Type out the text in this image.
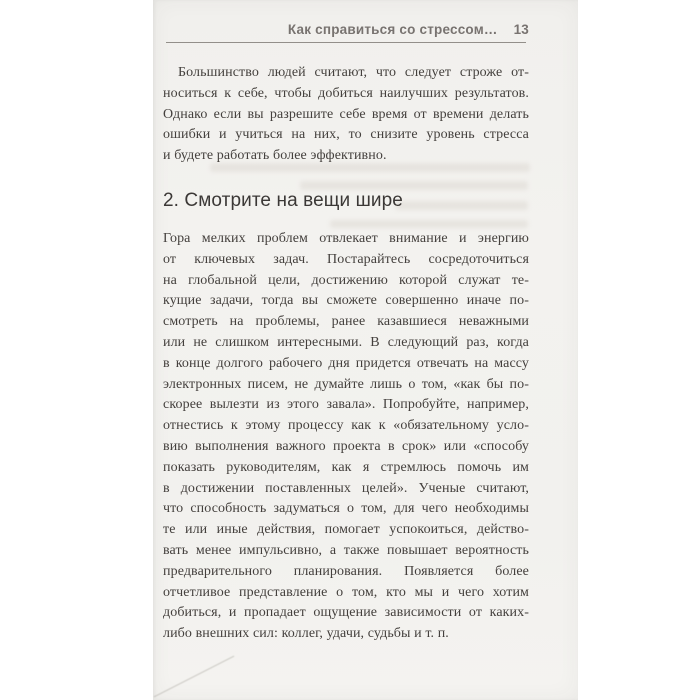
Как справиться со стрессом… 13
Большинство людей считают, что следует строже от-
носиться к себе, чтобы добиться наилучших результатов.
Однако если вы разрешите себе время от времени делать
ошибки и учиться на них, то снизите уровень стресса
и будете работать более эффективно.
2. Смотрите на вещи шире
Гора мелких проблем отвлекает внимание и энергию
от ключевых задач. Постарайтесь сосредоточиться
на глобальной цели, достижению которой служат те-
кущие задачи, тогда вы сможете совершенно иначе по-
смотреть на проблемы, ранее казавшиеся неважными
или не слишком интересными. В следующий раз, когда
в конце долгого рабочего дня придется отвечать на массу
электронных писем, не думайте лишь о том, «как бы по-
скорее вылезти из этого завала». Попробуйте, например,
отнестись к этому процессу как к «обязательному усло-
вию выполнения важного проекта в срок» или «способу
показать руководителям, как я стремлюсь помочь им
в достижении поставленных целей». Ученые считают,
что способность задуматься о том, для чего необходимы
те или иные действия, помогает успокоиться, действо-
вать менее импульсивно, а также повышает вероятность
предварительного планирования. Появляется более
отчетливое представление о том, кто мы и чего хотим
добиться, и пропадает ощущение зависимости от каких-
либо внешних сил: коллег, удачи, судьбы и т. п.
